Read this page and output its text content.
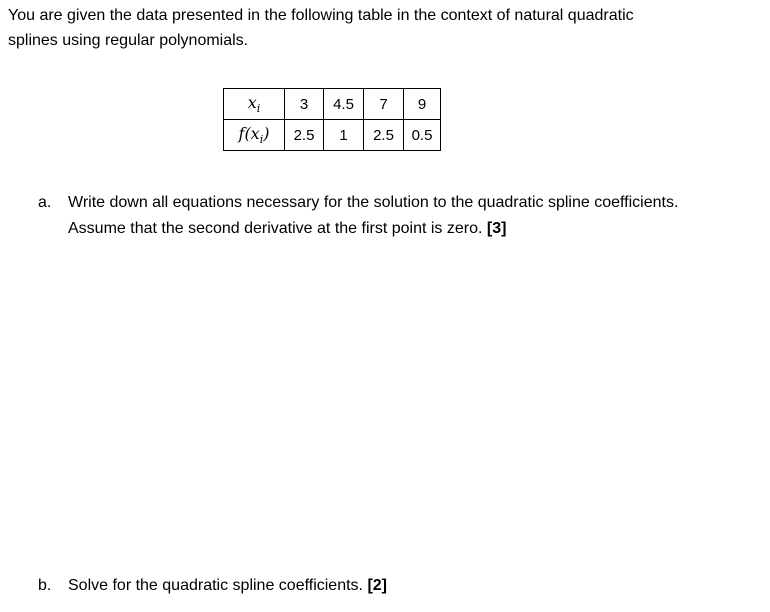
You are given the data presented in the following table in the context of natural quadratic
splines using regular polynomials.
$x_i$	3	4.5	7	9
$f(x_i)$	2.5	1	2.5	0.5
a. Write down all equations necessary for the solution to the quadratic spline coefficients.
Assume that the second derivative at the first point is zero. [3]
b. Solve for the quadratic spline coefficients. [2]
